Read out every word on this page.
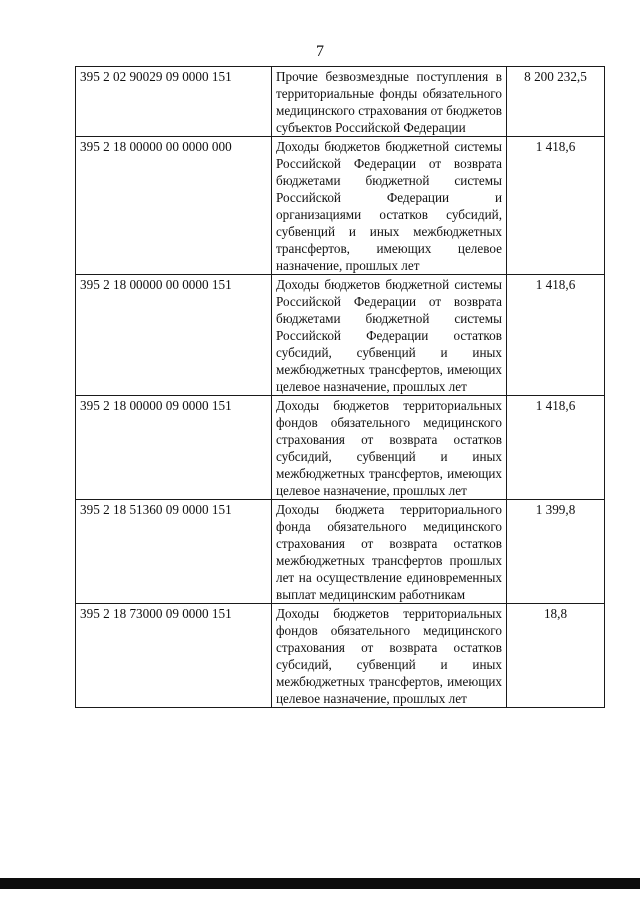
7
395 2 02 90029 09 0000 151	Прочие безвозмездные поступления в территориальные фонды обязательного медицинского страхования от бюджетов субъектов Российской Федерации	8 200 232,5
395 2 18 00000 00 0000 000	Доходы бюджетов бюджетной системы Российской Федерации от возврата бюджетами бюджетной системы Российской Федерации и организациями остатков субсидий, субвенций и иных межбюджетных трансфертов, имеющих целевое назначение, прошлых лет	1 418,6
395 2 18 00000 00 0000 151	Доходы бюджетов бюджетной системы Российской Федерации от возврата бюджетами бюджетной системы Российской Федерации остатков субсидий, субвенций и иных межбюджетных трансфертов, имеющих целевое назначение, прошлых лет	1 418,6
395 2 18 00000 09 0000 151	Доходы бюджетов территориальных фондов обязательного медицинского страхования от возврата остатков субсидий, субвенций и иных межбюджетных трансфертов, имеющих целевое назначение, прошлых лет	1 418,6
395 2 18 51360 09 0000 151	Доходы бюджета территориального фонда обязательного медицинского страхования от возврата остатков межбюджетных трансфертов прошлых лет на осуществление единовременных выплат медицинским работникам	1 399,8
395 2 18 73000 09 0000 151	Доходы бюджетов территориальных фондов обязательного медицинского страхования от возврата остатков субсидий, субвенций и иных межбюджетных трансфертов, имеющих целевое назначение, прошлых лет	18,8
